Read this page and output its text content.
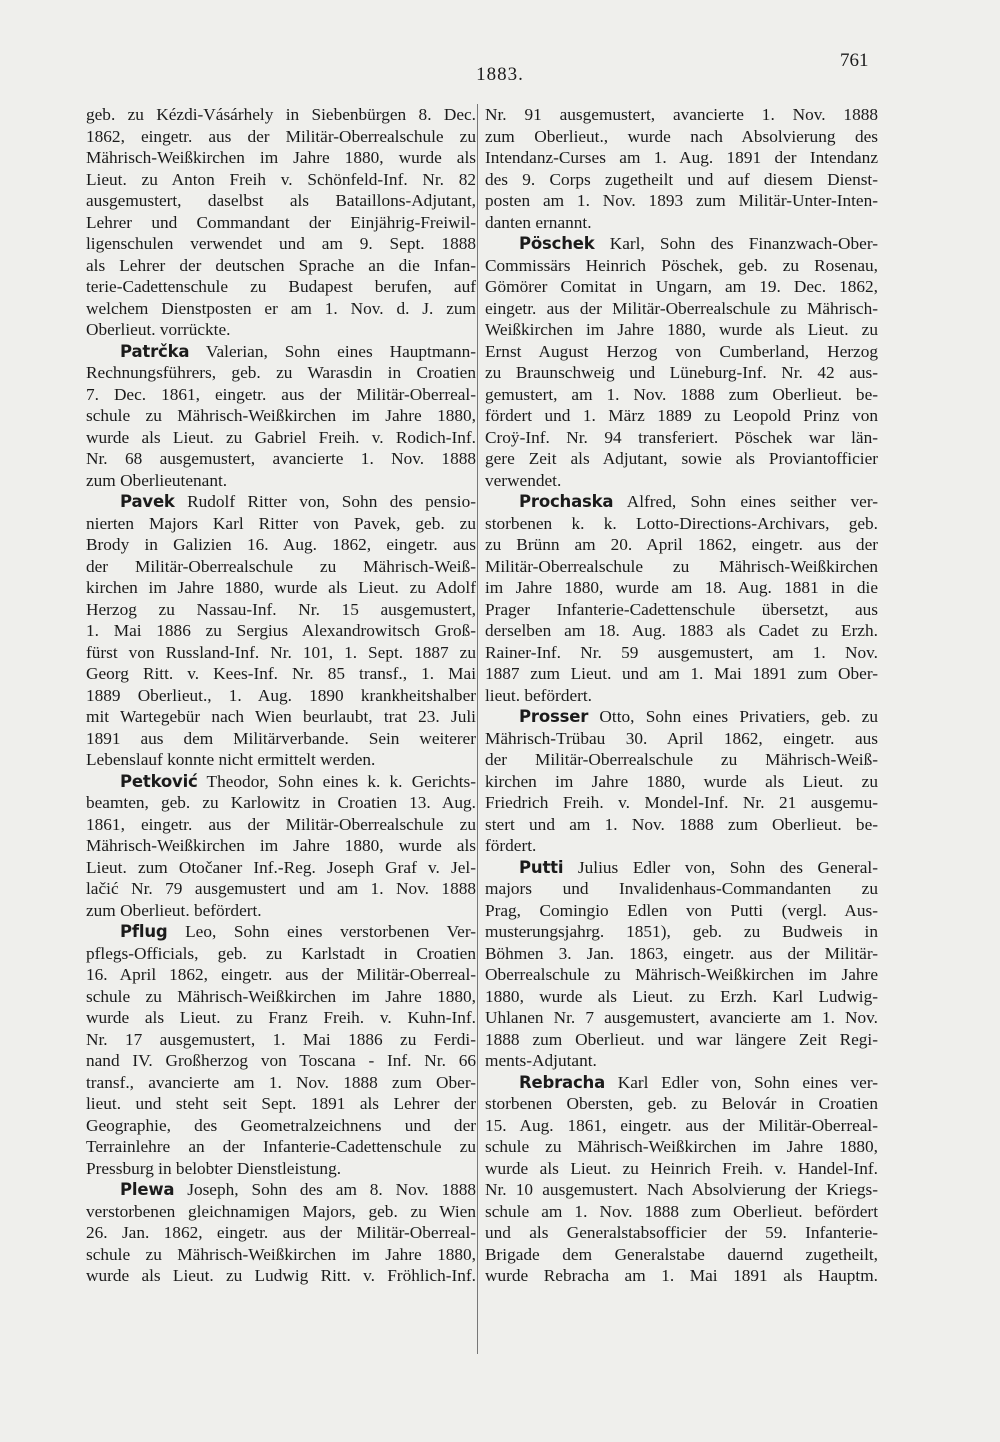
1883.
761
geb. zu Kézdi-Vásárhely in Siebenbürgen 8. Dec.
1862, eingetr. aus der Militär-Oberrealschule zu
Mährisch-Weißkirchen im Jahre 1880, wurde als
Lieut. zu Anton Freih v. Schönfeld-Inf. Nr. 82
ausgemustert, daselbst als Bataillons-Adjutant,
Lehrer und Commandant der Einjährig-Freiwil-
ligenschulen verwendet und am 9. Sept. 1888
als Lehrer der deutschen Sprache an die Infan-
terie-Cadettenschule zu Budapest berufen, auf
welchem Dienstposten er am 1. Nov. d. J. zum
Oberlieut. vorrückte.
Patrčka Valerian, Sohn eines Hauptmann-
Rechnungsführers, geb. zu Warasdin in Croatien
7. Dec. 1861, eingetr. aus der Militär-Oberreal-
schule zu Mährisch-Weißkirchen im Jahre 1880,
wurde als Lieut. zu Gabriel Freih. v. Rodich-Inf.
Nr. 68 ausgemustert, avancierte 1. Nov. 1888
zum Oberlieutenant.
Pavek Rudolf Ritter von, Sohn des pensio-
nierten Majors Karl Ritter von Pavek, geb. zu
Brody in Galizien 16. Aug. 1862, eingetr. aus
der Militär-Oberrealschule zu Mährisch-Weiß-
kirchen im Jahre 1880, wurde als Lieut. zu Adolf
Herzog zu Nassau-Inf. Nr. 15 ausgemustert,
1. Mai 1886 zu Sergius Alexandrowitsch Groß-
fürst von Russland-Inf. Nr. 101, 1. Sept. 1887 zu
Georg Ritt. v. Kees-Inf. Nr. 85 transf., 1. Mai
1889 Oberlieut., 1. Aug. 1890 krankheitshalber
mit Wartegebür nach Wien beurlaubt, trat 23. Juli
1891 aus dem Militärverbande. Sein weiterer
Lebenslauf konnte nicht ermittelt werden.
Petković Theodor, Sohn eines k. k. Gerichts-
beamten, geb. zu Karlowitz in Croatien 13. Aug.
1861, eingetr. aus der Militär-Oberrealschule zu
Mährisch-Weißkirchen im Jahre 1880, wurde als
Lieut. zum Otočaner Inf.-Reg. Joseph Graf v. Jel-
lačić Nr. 79 ausgemustert und am 1. Nov. 1888
zum Oberlieut. befördert.
Pflug Leo, Sohn eines verstorbenen Ver-
pflegs-Officials, geb. zu Karlstadt in Croatien
16. April 1862, eingetr. aus der Militär-Oberreal-
schule zu Mährisch-Weißkirchen im Jahre 1880,
wurde als Lieut. zu Franz Freih. v. Kuhn-Inf.
Nr. 17 ausgemustert, 1. Mai 1886 zu Ferdi-
nand IV. Großherzog von Toscana - Inf. Nr. 66
transf., avancierte am 1. Nov. 1888 zum Ober-
lieut. und steht seit Sept. 1891 als Lehrer der
Geographie, des Geometralzeichnens und der
Terrainlehre an der Infanterie-Cadettenschule zu
Pressburg in belobter Dienstleistung.
Plewa Joseph, Sohn des am 8. Nov. 1888
verstorbenen gleichnamigen Majors, geb. zu Wien
26. Jan. 1862, eingetr. aus der Militär-Oberreal-
schule zu Mährisch-Weißkirchen im Jahre 1880,
wurde als Lieut. zu Ludwig Ritt. v. Fröhlich-Inf.
Nr. 91 ausgemustert, avancierte 1. Nov. 1888
zum Oberlieut., wurde nach Absolvierung des
Intendanz-Curses am 1. Aug. 1891 der Intendanz
des 9. Corps zugetheilt und auf diesem Dienst-
posten am 1. Nov. 1893 zum Militär-Unter-Inten-
danten ernannt.
Pöschek Karl, Sohn des Finanzwach-Ober-
Commissärs Heinrich Pöschek, geb. zu Rosenau,
Gömörer Comitat in Ungarn, am 19. Dec. 1862,
eingetr. aus der Militär-Oberrealschule zu Mährisch-
Weißkirchen im Jahre 1880, wurde als Lieut. zu
Ernst August Herzog von Cumberland, Herzog
zu Braunschweig und Lüneburg-Inf. Nr. 42 aus-
gemustert, am 1. Nov. 1888 zum Oberlieut. be-
fördert und 1. März 1889 zu Leopold Prinz von
Croÿ-Inf. Nr. 94 transferiert. Pöschek war län-
gere Zeit als Adjutant, sowie als Proviantofficier
verwendet.
Prochaska Alfred, Sohn eines seither ver-
storbenen k. k. Lotto-Directions-Archivars, geb.
zu Brünn am 20. April 1862, eingetr. aus der
Militär-Oberrealschule zu Mährisch-Weißkirchen
im Jahre 1880, wurde am 18. Aug. 1881 in die
Prager Infanterie-Cadettenschule übersetzt, aus
derselben am 18. Aug. 1883 als Cadet zu Erzh.
Rainer-Inf. Nr. 59 ausgemustert, am 1. Nov.
1887 zum Lieut. und am 1. Mai 1891 zum Ober-
lieut. befördert.
Prosser Otto, Sohn eines Privatiers, geb. zu
Mährisch-Trübau 30. April 1862, eingetr. aus
der Militär-Oberrealschule zu Mährisch-Weiß-
kirchen im Jahre 1880, wurde als Lieut. zu
Friedrich Freih. v. Mondel-Inf. Nr. 21 ausgemu-
stert und am 1. Nov. 1888 zum Oberlieut. be-
fördert.
Putti Julius Edler von, Sohn des General-
majors und Invalidenhaus-Commandanten zu
Prag, Comingio Edlen von Putti (vergl. Aus-
musterungsjahrg. 1851), geb. zu Budweis in
Böhmen 3. Jan. 1863, eingetr. aus der Militär-
Oberrealschule zu Mährisch-Weißkirchen im Jahre
1880, wurde als Lieut. zu Erzh. Karl Ludwig-
Uhlanen Nr. 7 ausgemustert, avancierte am 1. Nov.
1888 zum Oberlieut. und war längere Zeit Regi-
ments-Adjutant.
Rebracha Karl Edler von, Sohn eines ver-
storbenen Obersten, geb. zu Belovár in Croatien
15. Aug. 1861, eingetr. aus der Militär-Oberreal-
schule zu Mährisch-Weißkirchen im Jahre 1880,
wurde als Lieut. zu Heinrich Freih. v. Handel-Inf.
Nr. 10 ausgemustert. Nach Absolvierung der Kriegs-
schule am 1. Nov. 1888 zum Oberlieut. befördert
und als Generalstabsofficier der 59. Infanterie-
Brigade dem Generalstabe dauernd zugetheilt,
wurde Rebracha am 1. Mai 1891 als Hauptm.
